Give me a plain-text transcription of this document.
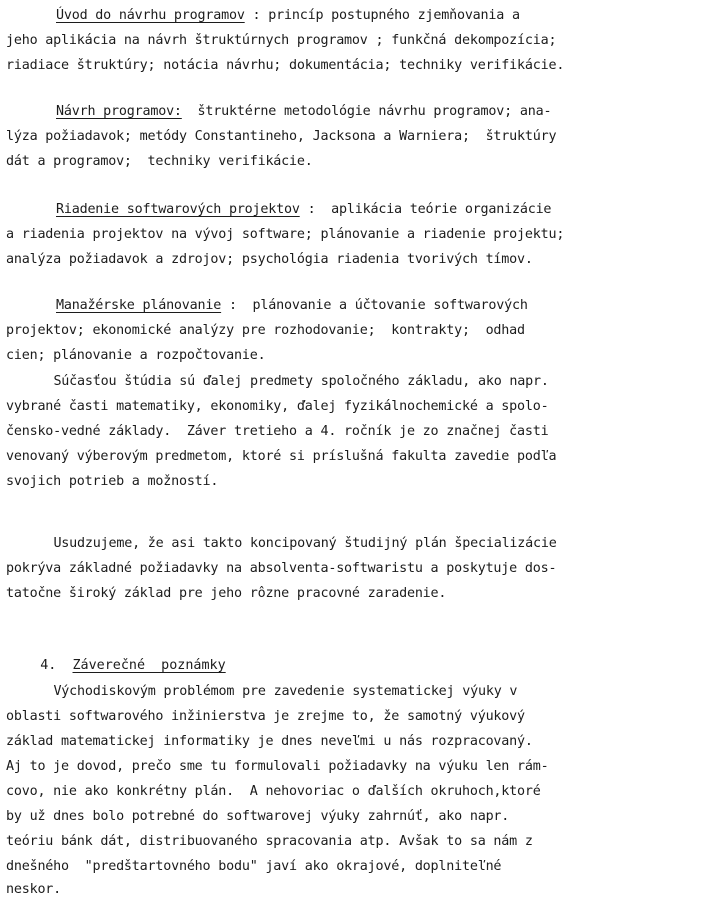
Úvod do návrhu programov : princíp postupného zjemňovania a
jeho aplikácia na návrh štruktúrnych programov ; funkčná dekompozícia;
riadiace štruktúry; notácia návrhu; dokumentácia; techniky verifikácie.
Návrh programov:  štruktérne metodológie návrhu programov; ana-
lýza požiadavok; metódy Constantineho, Jacksona a Warniera;  štruktúry
dát a programov;  techniky verifikácie.
Riadenie softwarových projektov :  aplikácia teórie organizácie
a riadenia projektov na vývoj software; plánovanie a riadenie projektu;
analýza požiadavok a zdrojov; psychológia riadenia tvorivých tímov.
Manažérske plánovanie :  plánovanie a účtovanie softwarových
projektov; ekonomické analýzy pre rozhodovanie;  kontrakty;  odhad
cien; plánovanie a rozpočtovanie.
Súčasťou štúdia sú ďalej predmety spoločného základu, ako napr.
vybrané časti matematiky, ekonomiky, ďalej fyzikálnochemické a spolo-
čensko-vedné základy.  Záver tretieho a 4. ročník je zo značnej časti
venovaný výberovým predmetom, ktoré si príslušná fakulta zavedie podľa
svojich potrieb a možností.
Usudzujeme, že asi takto koncipovaný študijný plán špecializácie
pokrýva základné požiadavky na absolventa-softwaristu a poskytuje dos-
tatočne široký základ pre jeho rôzne pracovné zaradenie.

4. Záverečné  poznámky

Východiskovým problémom pre zavedenie systematickej výuky v
oblasti softwarového inžinierstva je zrejme to, že samotný výukový
základ matematickej informatiky je dnes neveľmi u nás rozpracovaný.
Aj to je dovod, prečo sme tu formulovali požiadavky na výuku len rám-
covo, nie ako konkrétny plán.  A nehovoriac o ďalších okruhoch,ktoré
by už dnes bolo potrebné do softwarovej výuky zahrnúť, ako napr.
teóriu bánk dát, distribuovaného spracovania atp. Avšak to sa nám z
dnešného  "predštartovného bodu" javí ako okrajové, doplniteľné
neskor.
